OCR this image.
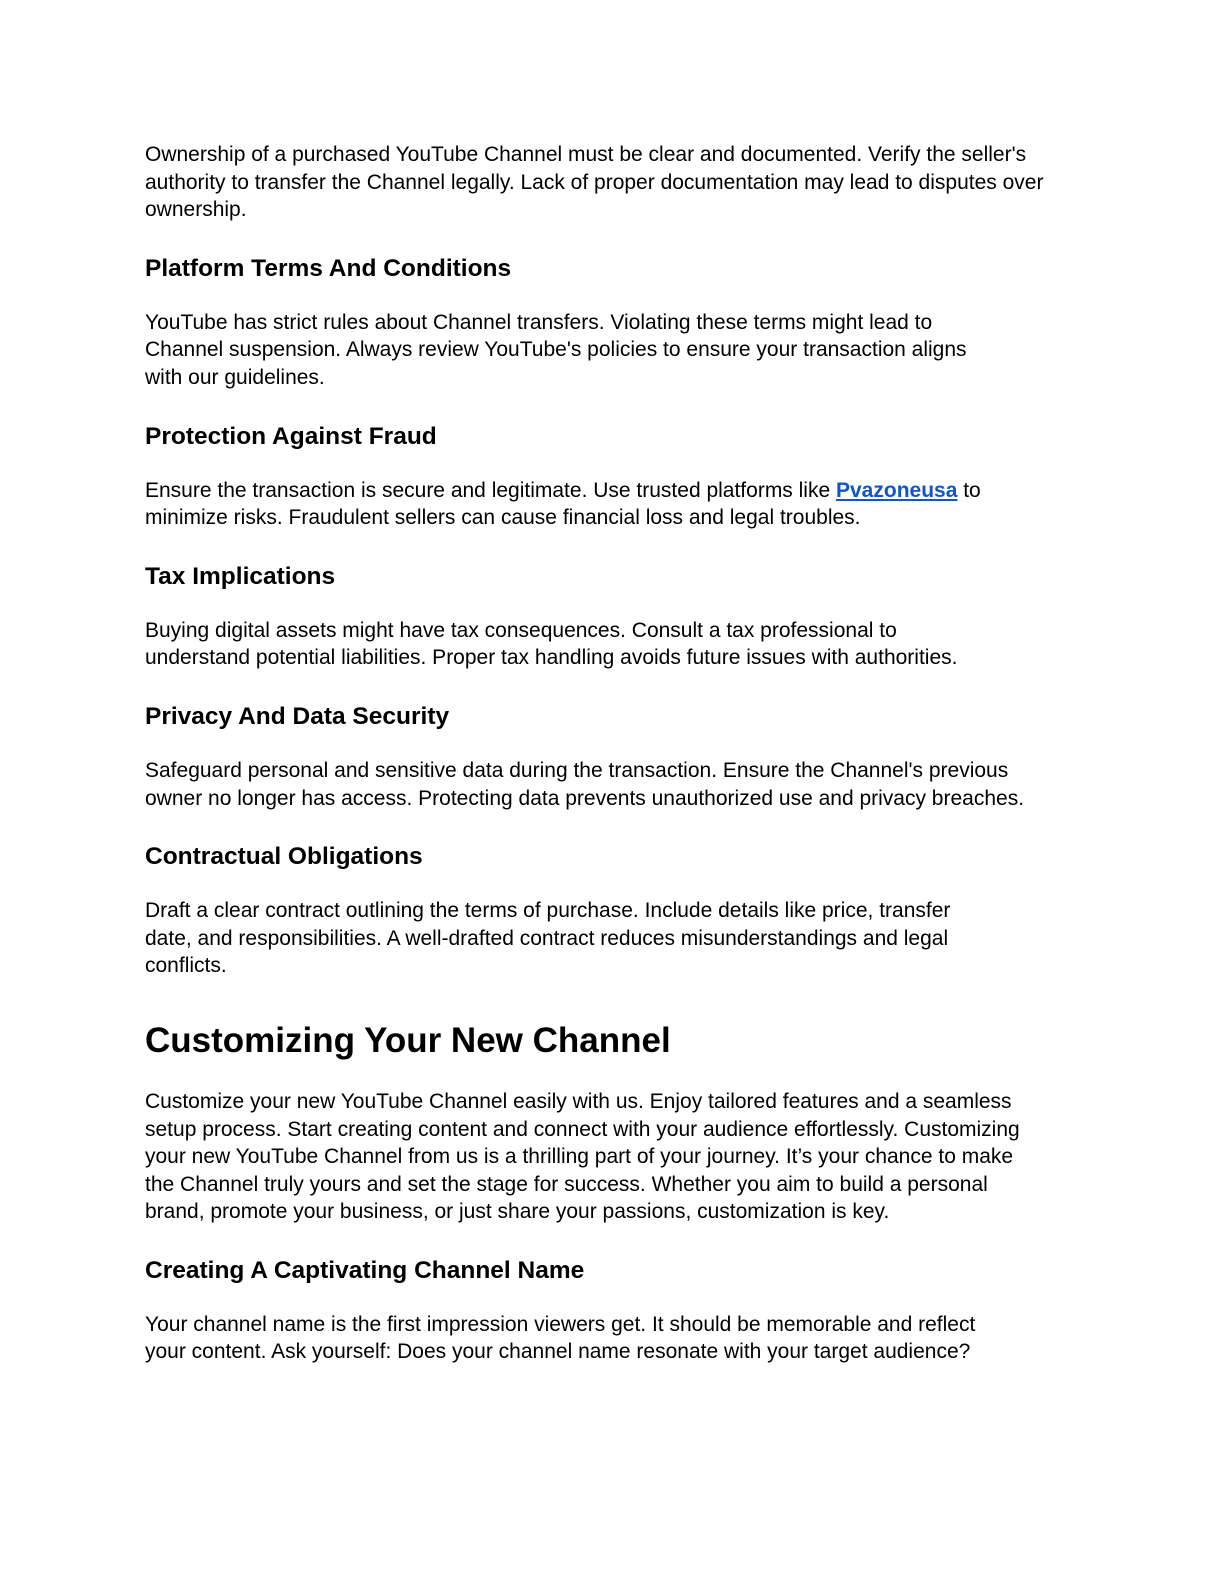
Ownership of a purchased YouTube Channel must be clear and documented. Verify the seller's authority to transfer the Channel legally. Lack of proper documentation may lead to disputes over ownership.

Platform Terms And Conditions

YouTube has strict rules about Channel transfers. Violating these terms might lead to Channel suspension. Always review YouTube's policies to ensure your transaction aligns with our guidelines.

Protection Against Fraud

Ensure the transaction is secure and legitimate. Use trusted platforms like Pvazoneusa to minimize risks. Fraudulent sellers can cause financial loss and legal troubles.

Tax Implications

Buying digital assets might have tax consequences. Consult a tax professional to understand potential liabilities. Proper tax handling avoids future issues with authorities.

Privacy And Data Security

Safeguard personal and sensitive data during the transaction. Ensure the Channel's previous owner no longer has access. Protecting data prevents unauthorized use and privacy breaches.

Contractual Obligations

Draft a clear contract outlining the terms of purchase. Include details like price, transfer date, and responsibilities. A well-drafted contract reduces misunderstandings and legal conflicts.

Customizing Your New Channel

Customize your new YouTube Channel easily with us. Enjoy tailored features and a seamless setup process. Start creating content and connect with your audience effortlessly. Customizing your new YouTube Channel from us is a thrilling part of your journey. It’s your chance to make the Channel truly yours and set the stage for success. Whether you aim to build a personal brand, promote your business, or just share your passions, customization is key.

Creating A Captivating Channel Name

Your channel name is the first impression viewers get. It should be memorable and reflect your content. Ask yourself: Does your channel name resonate with your target audience?
